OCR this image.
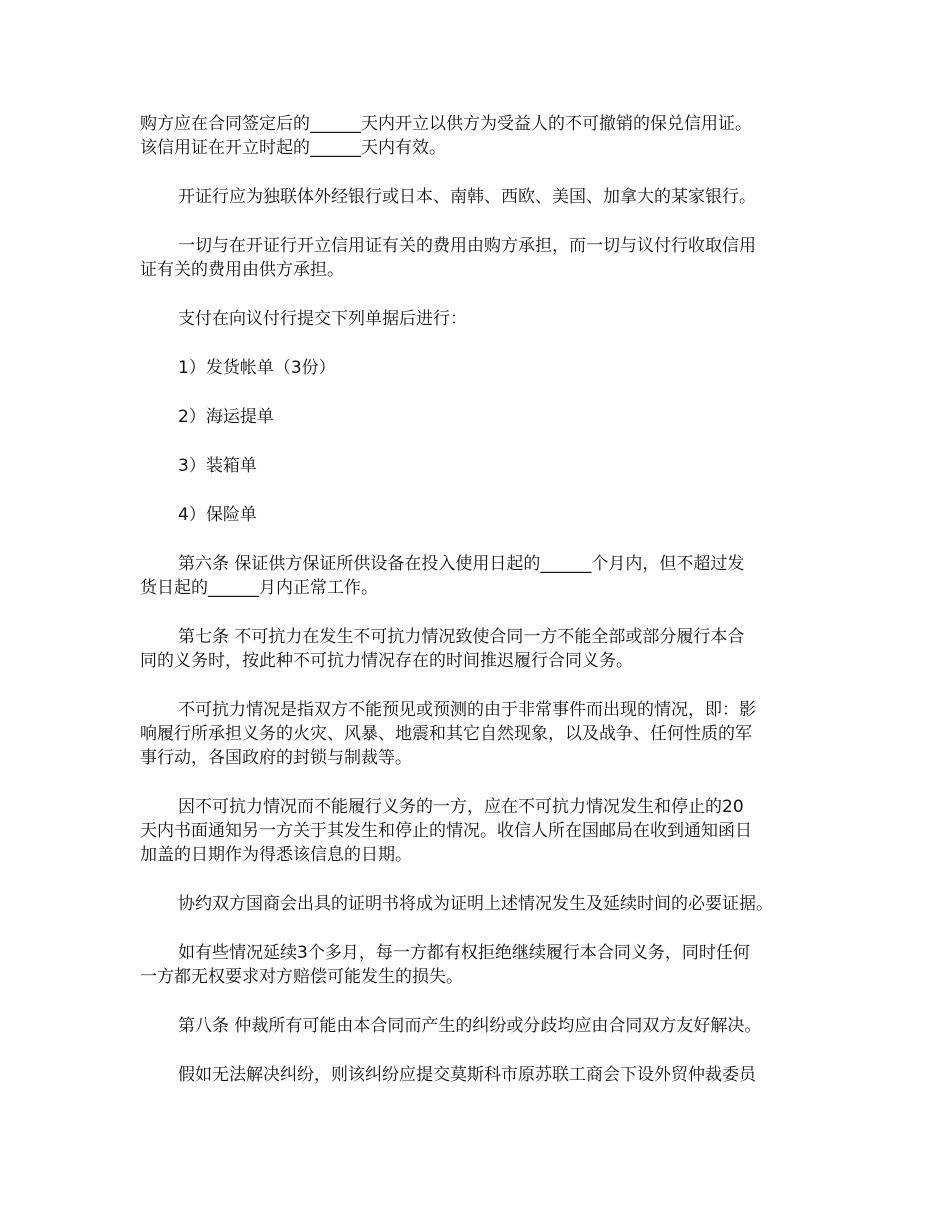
购方应在合同签定后的______天内开立以供方为受益人的不可撤销的保兑信用证。
该信用证在开立时起的______天内有效。
开证行应为独联体外经银行或日本、南韩、西欧、美国、加拿大的某家银行。
一切与在开证行开立信用证有关的费用由购方承担，而一切与议付行收取信用
证有关的费用由供方承担。
支付在向议付行提交下列单据后进行：
1）发货帐单（3份）
2）海运提单
3）装箱单
4）保险单
第六条 保证供方保证所供设备在投入使用日起的______个月内，但不超过发
货日起的______月内正常工作。
第七条 不可抗力在发生不可抗力情况致使合同一方不能全部或部分履行本合
同的义务时，按此种不可抗力情况存在的时间推迟履行合同义务。
不可抗力情况是指双方不能预见或预测的由于非常事件而出现的情况，即：影
响履行所承担义务的火灾、风暴、地震和其它自然现象，以及战争、任何性质的军
事行动，各国政府的封锁与制裁等。
因不可抗力情况而不能履行义务的一方，应在不可抗力情况发生和停止的20
天内书面通知另一方关于其发生和停止的情况。收信人所在国邮局在收到通知函日
加盖的日期作为得悉该信息的日期。
协约双方国商会出具的证明书将成为证明上述情况发生及延续时间的必要证据。
如有些情况延续3个多月，每一方都有权拒绝继续履行本合同义务，同时任何
一方都无权要求对方赔偿可能发生的损失。
第八条 仲裁所有可能由本合同而产生的纠纷或分歧均应由合同双方友好解决。
假如无法解决纠纷，则该纠纷应提交莫斯科市原苏联工商会下设外贸仲裁委员
